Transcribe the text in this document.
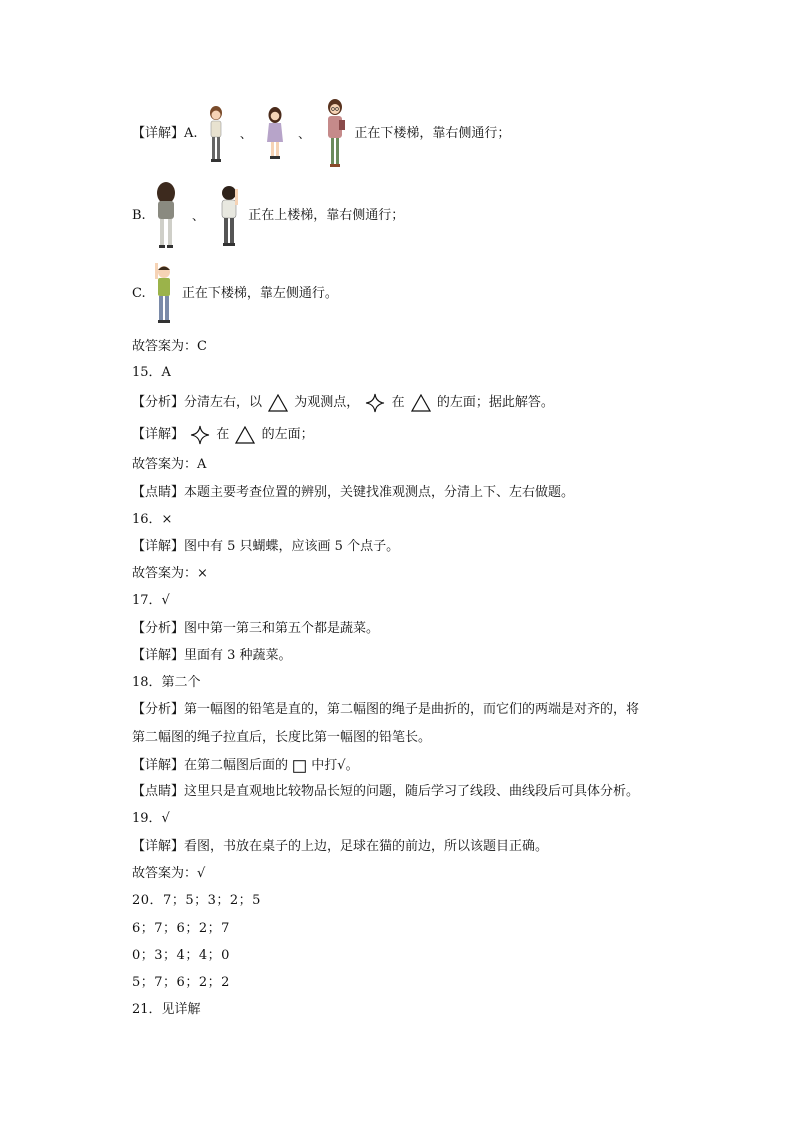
【详解】A.	、	、	正在下楼梯，靠右侧通行；
B.	、	正在上楼梯，靠右侧通行；
C.	正在下楼梯，靠左侧通行。
故答案为：C
15．A
【分析】分清左右，以 为观测点， 在 的左面；据此解答。
【详解】 在 的左面；
故答案为：A
【点睛】本题主要考查位置的辨别，关键找准观测点，分清上下、左右做题。
16．×
【详解】图中有 5 只蝴蝶，应该画 5 个点子。
故答案为：×
17．√
【分析】图中第一第三和第五个都是蔬菜。
【详解】里面有 3 种蔬菜。
18．第二个
【分析】第一幅图的铅笔是直的，第二幅图的绳子是曲折的，而它们的两端是对齐的，将
第二幅图的绳子拉直后，长度比第一幅图的铅笔长。
【详解】在第二幅图后面的 中打√。
【点睛】这里只是直观地比较物品长短的问题，随后学习了线段、曲线段后可具体分析。
19．√
【详解】看图，书放在桌子的上边，足球在猫的前边，所以该题目正确。
故答案为：√
20．7；5；3；2；5
6；7；6；2；7
0；3；4；4；0
5；7；6；2；2
21．见详解
